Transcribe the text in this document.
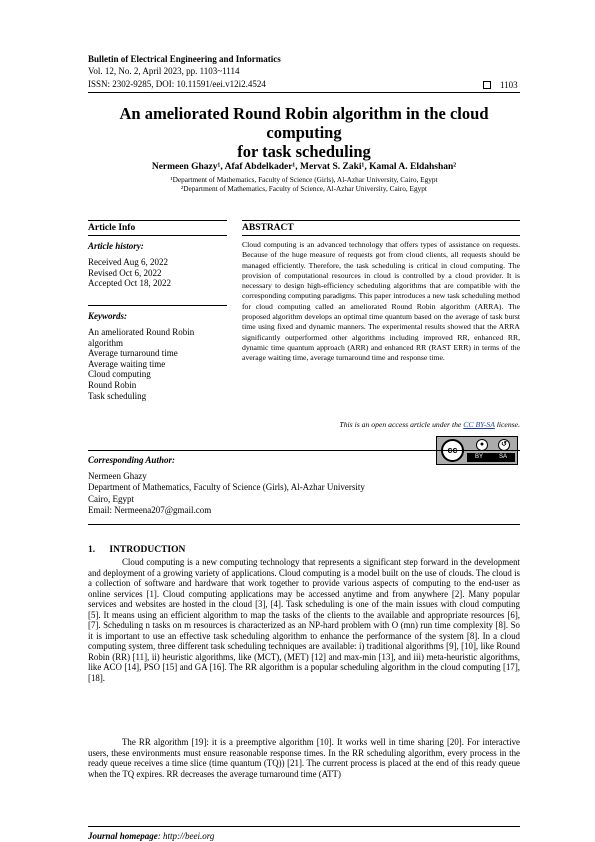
Bulletin of Electrical Engineering and Informatics
Vol. 12, No. 2, April 2023, pp. 1103~1114
ISSN: 2302-9285, DOI: 10.11591/eei.v12i2.4524	1103
An ameliorated Round Robin algorithm in the cloud computing
for task scheduling
Nermeen Ghazy¹, Afaf Abdelkader¹, Mervat S. Zaki¹, Kamal A. Eldahshan²
¹Department of Mathematics, Faculty of Science (Girls), Al-Azhar University, Cairo, Egypt
²Department of Mathematics, Faculty of Science, Al-Azhar University, Cairo, Egypt
Article Info	ABSTRACT
Article history:
Received Aug 6, 2022
Revised Oct 6, 2022
Accepted Oct 18, 2022
Keywords:
An ameliorated Round Robin
algorithm
Average turnaround time
Average waiting time
Cloud computing
Round Robin
Task scheduling
Cloud computing is an advanced technology that offers types of assistance on requests. Because of the huge measure of requests got from cloud clients, all requests should be managed efficiently. Therefore, the task scheduling is critical in cloud computing. The provision of computational resources in cloud is controlled by a cloud provider. It is necessary to design high-efficiency scheduling algorithms that are compatible with the corresponding computing paradigms. This paper introduces a new task scheduling method for cloud computing called an ameliorated Round Robin algorithm (ARRA). The proposed algorithm develops an optimal time quantum based on the average of task burst time using fixed and dynamic manners. The experimental results showed that the ARRA significantly outperformed other algorithms including improved RR, enhanced RR, dynamic time quantum approach (ARR) and enhanced RR (RAST ERR) in terms of the average waiting time, average turnaround time and response time.
This is an open access article under the CC BY-SA license.
cc
●	↺
BY	SA
Corresponding Author:
Nermeen Ghazy
Department of Mathematics, Faculty of Science (Girls), Al-Azhar University
Cairo, Egypt
Email: Nermeena207@gmail.com
1.      INTRODUCTION
Cloud computing is a new computing technology that represents a significant step forward in the development and deployment of a growing variety of applications. Cloud computing is a model built on the use of clouds. The cloud is a collection of software and hardware that work together to provide various aspects of computing to the end-user as online services [1]. Cloud computing applications may be accessed anytime and from anywhere [2]. Many popular services and websites are hosted in the cloud [3], [4]. Task scheduling is one of the main issues with cloud computing [5]. It means using an efficient algorithm to map the tasks of the clients to the available and appropriate resources [6], [7]. Scheduling n tasks on m resources is characterized as an NP-hard problem with O (mn) run time complexity [8]. So it is important to use an effective task scheduling algorithm to enhance the performance of the system [8]. In a cloud computing system, three different task scheduling techniques are available: i) traditional algorithms [9], [10], like Round Robin (RR) [11], ii) heuristic algorithms, like (MCT), (MET) [12] and max-min [13], and iii) meta-heuristic algorithms, like ACO [14], PSO [15] and GA [16]. The RR algorithm is a popular scheduling algorithm in the cloud computing [17], [18].
The RR algorithm [19]: it is a preemptive algorithm [10]. It works well in time sharing [20]. For interactive users, these environments must ensure reasonable response times. In the RR scheduling algorithm, every process in the ready queue receives a time slice (time quantum (TQ)) [21]. The current process is placed at the end of this ready queue when the TQ expires. RR decreases the average turnaround time (ATT)
Journal homepage: http://beei.org
